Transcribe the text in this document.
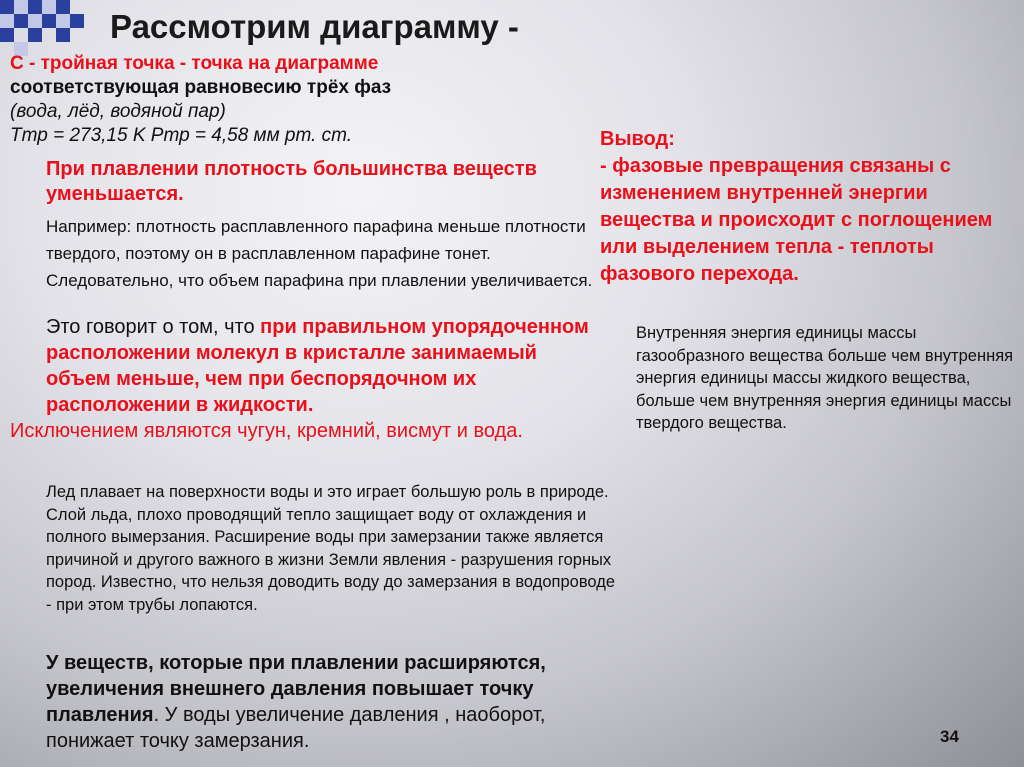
Рассмотрим диаграмму -
С - тройная точка - точка на диаграмме
соответствующая равновесию трёх фаз
(вода, лёд, водяной пар)
Tтр = 273,15 K Pтр = 4,58 мм рт. ст.
При плавлении плотность большинства веществ уменьшается.
Например: плотность расплавленного парафина меньше плотности твердого, поэтому он в расплавленном парафине тонет. Следовательно, что объем парафина при плавлении увеличивается.
Это говорит о том, что при правильном упорядоченном расположении молекул в кристалле занимаемый объем меньше, чем при беспорядочном их расположении в жидкости.
Исключением являются чугун, кремний, висмут и вода.
Лед плавает на поверхности воды и это играет большую роль в природе. Слой льда, плохо проводящий тепло защищает воду от охлаждения и полного вымерзания. Расширение воды при замерзании также является причиной и другого важного в жизни Земли явления - разрушения горных пород. Известно, что нельзя доводить воду до замерзания в водопроводе - при этом трубы лопаются.
У веществ, которые при плавлении расширяются, увеличения внешнего давления повышает точку плавления. У воды увеличение давления , наоборот, понижает точку замерзания.
Вывод:
- фазовые превращения связаны с изменением внутренней энергии вещества и происходит с поглощением или выделением тепла - теплоты фазового перехода.
Внутренняя энергия единицы массы газообразного вещества больше чем внутренняя энергия единицы массы жидкого вещества, больше чем внутренняя энергия единицы массы твердого вещества.
34
